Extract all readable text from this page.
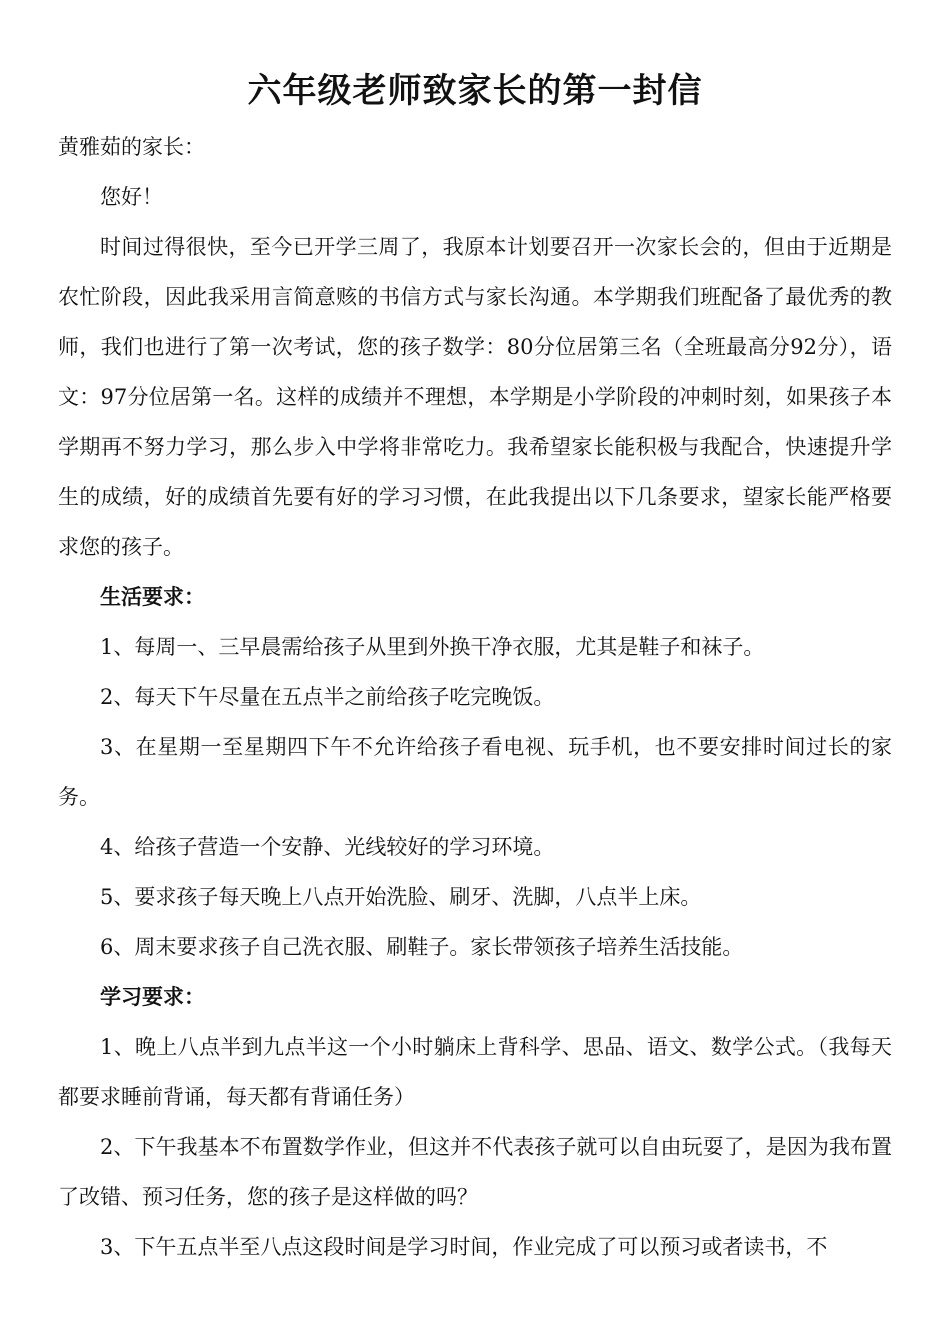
六年级老师致家长的第一封信

黄雅茹的家长：

您好！

时间过得很快，至今已开学三周了，我原本计划要召开一次家长会的，但由于近期是农忙阶段，因此我采用言简意赅的书信方式与家长沟通。本学期我们班配备了最优秀的教师，我们也进行了第一次考试，您的孩子数学：80分位居第三名（全班最高分92分），语文：97分位居第一名。这样的成绩并不理想，本学期是小学阶段的冲刺时刻，如果孩子本学期再不努力学习，那么步入中学将非常吃力。我希望家长能积极与我配合，快速提升学生的成绩，好的成绩首先要有好的学习习惯，在此我提出以下几条要求，望家长能严格要求您的孩子。

生活要求：

1、每周一、三早晨需给孩子从里到外换干净衣服，尤其是鞋子和袜子。

2、每天下午尽量在五点半之前给孩子吃完晚饭。

3、在星期一至星期四下午不允许给孩子看电视、玩手机，也不要安排时间过长的家务。

4、给孩子营造一个安静、光线较好的学习环境。

5、要求孩子每天晚上八点开始洗脸、刷牙、洗脚，八点半上床。

6、周末要求孩子自己洗衣服、刷鞋子。家长带领孩子培养生活技能。

学习要求：

1、晚上八点半到九点半这一个小时躺床上背科学、思品、语文、数学公式。（我每天都要求睡前背诵，每天都有背诵任务）

2、下午我基本不布置数学作业，但这并不代表孩子就可以自由玩耍了，是因为我布置了改错、预习任务，您的孩子是这样做的吗？

3、下午五点半至八点这段时间是学习时间，作业完成了可以预习或者读书，不
